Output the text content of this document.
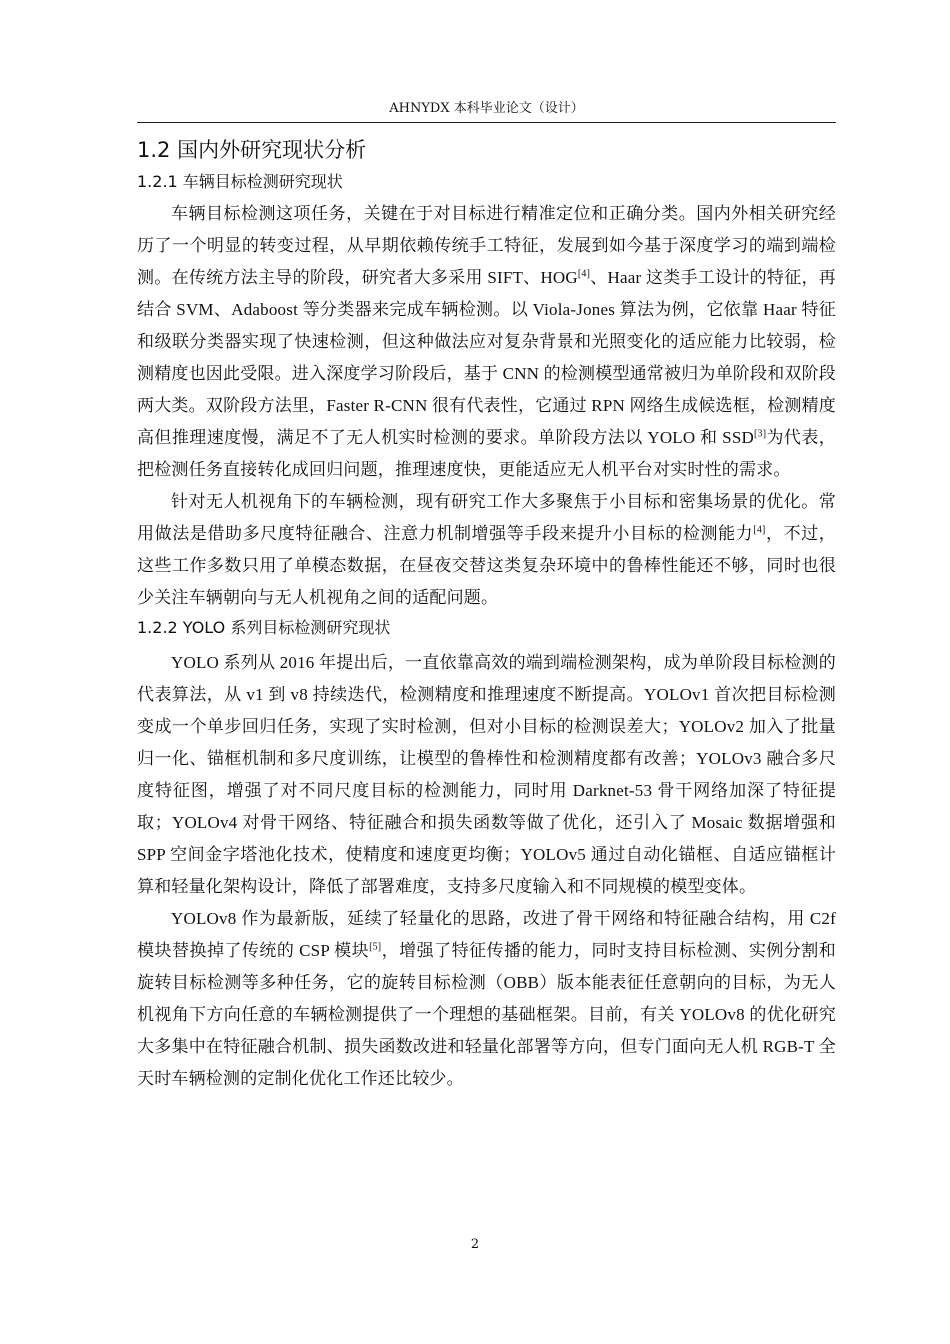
AHNYDX 本科毕业论文（设计）
1.2 国内外研究现状分析
1.2.1 车辆目标检测研究现状

车辆目标检测这项任务，关键在于对目标进行精准定位和正确分类。国内外相关研究经历了一个明显的转变过程，从早期依赖传统手工特征，发展到如今基于深度学习的端到端检测。在传统方法主导的阶段，研究者大多采用 SIFT、HOG[4]、Haar 这类手工设计的特征，再结合 SVM、Adaboost 等分类器来完成车辆检测。以 Viola-Jones 算法为例，它依靠 Haar 特征和级联分类器实现了快速检测，但这种做法应对复杂背景和光照变化的适应能力比较弱，检测精度也因此受限。进入深度学习阶段后，基于 CNN 的检测模型通常被归为单阶段和双阶段两大类。双阶段方法里，Faster R-CNN 很有代表性，它通过 RPN 网络生成候选框，检测精度高但推理速度慢，满足不了无人机实时检测的要求。单阶段方法以 YOLO 和 SSD[3]为代表，把检测任务直接转化成回归问题，推理速度快，更能适应无人机平台对实时性的需求。

针对无人机视角下的车辆检测，现有研究工作大多聚焦于小目标和密集场景的优化。常用做法是借助多尺度特征融合、注意力机制增强等手段来提升小目标的检测能力[4]，不过，这些工作多数只用了单模态数据，在昼夜交替这类复杂环境中的鲁棒性能还不够，同时也很少关注车辆朝向与无人机视角之间的适配问题。

1.2.2 YOLO 系列目标检测研究现状

YOLO 系列从 2016 年提出后，一直依靠高效的端到端检测架构，成为单阶段目标检测的代表算法，从 v1 到 v8 持续迭代，检测精度和推理速度不断提高。YOLOv1 首次把目标检测变成一个单步回归任务，实现了实时检测，但对小目标的检测误差大；YOLOv2 加入了批量归一化、锚框机制和多尺度训练，让模型的鲁棒性和检测精度都有改善；YOLOv3 融合多尺度特征图，增强了对不同尺度目标的检测能力，同时用 Darknet-53 骨干网络加深了特征提取；YOLOv4 对骨干网络、特征融合和损失函数等做了优化，还引入了 Mosaic 数据增强和 SPP 空间金字塔池化技术，使精度和速度更均衡；YOLOv5 通过自动化锚框、自适应锚框计算和轻量化架构设计，降低了部署难度，支持多尺度输入和不同规模的模型变体。

YOLOv8 作为最新版，延续了轻量化的思路，改进了骨干网络和特征融合结构，用 C2f 模块替换掉了传统的 CSP 模块[5]，增强了特征传播的能力，同时支持目标检测、实例分割和旋转目标检测等多种任务，它的旋转目标检测（OBB）版本能表征任意朝向的目标，为无人机视角下方向任意的车辆检测提供了一个理想的基础框架。目前，有关 YOLOv8 的优化研究大多集中在特征融合机制、损失函数改进和轻量化部署等方向，但专门面向无人机 RGB-T 全天时车辆检测的定制化优化工作还比较少。

2
